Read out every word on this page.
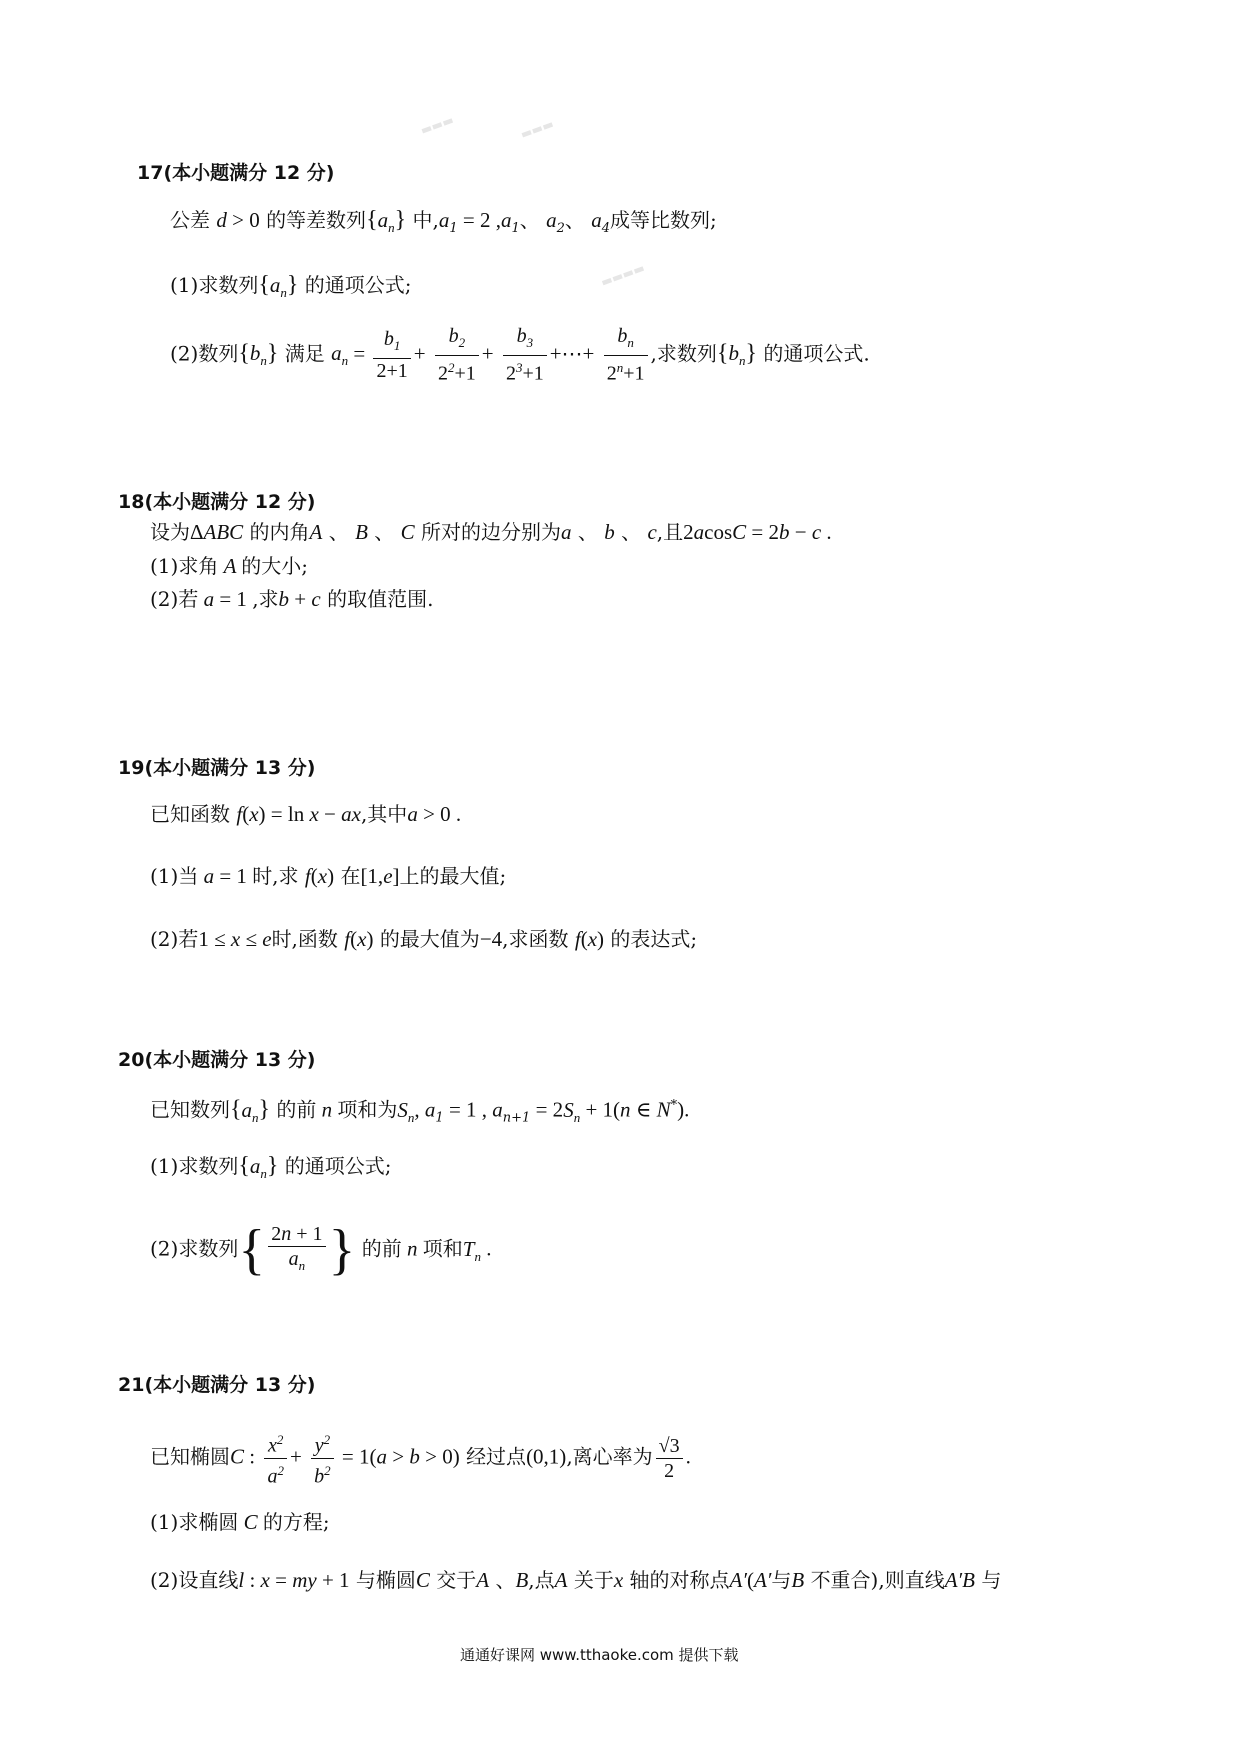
▬▬▬	▬▬▬
▬▬▬▬
17(本小题满分 12 分)
公差 d > 0 的等差数列$\{a_n\}$ 中$,a_1 = 2$ $,a_1$、 $a_2$、 $a_4$成等比数列;
(1)求数列$\{a_n\}$ 的通项公式;
(2)数列$\{b_n\}$ 满足 $a_n = \frac{b_1}{2+1} + \frac{b_2}{2^2+1} + \frac{b_3}{2^3+1}$ +⋯+ $\frac{b_n}{2^n+1}$ ,求数列$\{b_n\}$ 的通项公式.
18(本小题满分 12 分)
设为ΔABC 的内角A 、 B 、 C 所对的边分别为a 、 b 、 c,且2acosC = 2b − c .
(1)求角 A 的大小;
(2)若 a = 1 ,求b + c 的取值范围.
19(本小题满分 13 分)
已知函数 f(x) = ln x − ax,其中a > 0 .
(1)当 a = 1 时,求 f(x) 在[1,e]上的最大值;
(2)若1 ≤ x ≤ e时,函数 f(x) 的最大值为−4,求函数 f(x) 的表达式;
20(本小题满分 13 分)
已知数列$\{a_n\}$ 的前 n 项和为$S_n$, $a_1 = 1$ , $a_{n+1} = 2S_n + 1(n$ ∈ N*).
(1)求数列$\{a_n\}$ 的通项公式;
(2)求数列{ $\frac{2n + 1}{a_n}$ } 的前 n 项和$T_n$ .
21(本小题满分 13 分)
已知椭圆C : $\frac{x^2}{a^2} + \frac{y^2}{b^2} = 1(a > b > 0)$ 经过点(0,1),离心率为 $\frac{√3}{2}$ .
(1)求椭圆 C 的方程;
(2)设直线l : x = my + 1 与椭圆C 交于A 、B,点A 关于x 轴的对称点A′(A′与B 不重合),则直线A′B 与
通通好课网 www.tthaoke.com 提供下载
